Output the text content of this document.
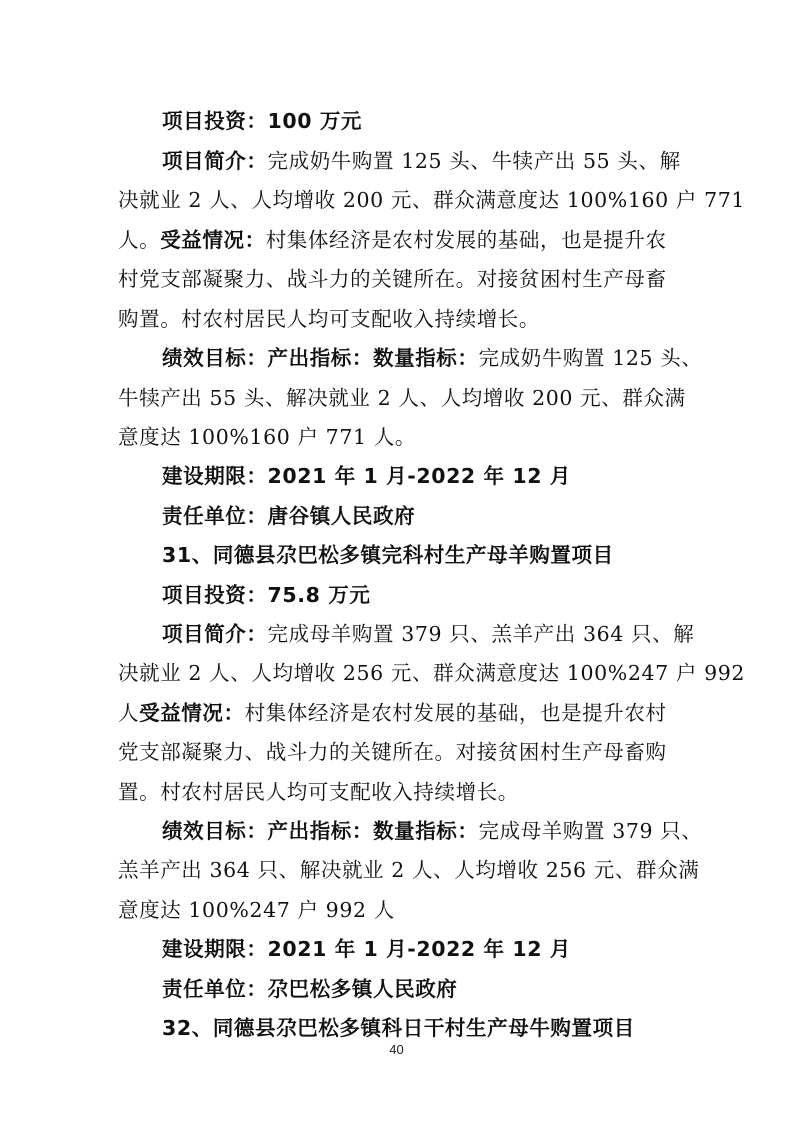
项目投资：100 万元
项目简介：完成奶牛购置 125 头、牛犊产出 55 头、解
决就业 2 人、人均增收 200 元、群众满意度达 100%160 户 771
人。受益情况：村集体经济是农村发展的基础，也是提升农
村党支部凝聚力、战斗力的关键所在。对接贫困村生产母畜
购置。村农村居民人均可支配收入持续增长。
绩效目标：产出指标：数量指标：完成奶牛购置 125 头、
牛犊产出 55 头、解决就业 2 人、人均增收 200 元、群众满
意度达 100%160 户 771 人。
建设期限：2021 年 1 月-2022 年 12 月
责任单位：唐谷镇人民政府
31、同德县尕巴松多镇完科村生产母羊购置项目
项目投资：75.8 万元
项目简介：完成母羊购置 379 只、羔羊产出 364 只、解
决就业 2 人、人均增收 256 元、群众满意度达 100%247 户 992
人受益情况：村集体经济是农村发展的基础，也是提升农村
党支部凝聚力、战斗力的关键所在。对接贫困村生产母畜购
置。村农村居民人均可支配收入持续增长。
绩效目标：产出指标：数量指标：完成母羊购置 379 只、
羔羊产出 364 只、解决就业 2 人、人均增收 256 元、群众满
意度达 100%247 户 992 人
建设期限：2021 年 1 月-2022 年 12 月
责任单位：尕巴松多镇人民政府
32、同德县尕巴松多镇科日干村生产母牛购置项目
40
